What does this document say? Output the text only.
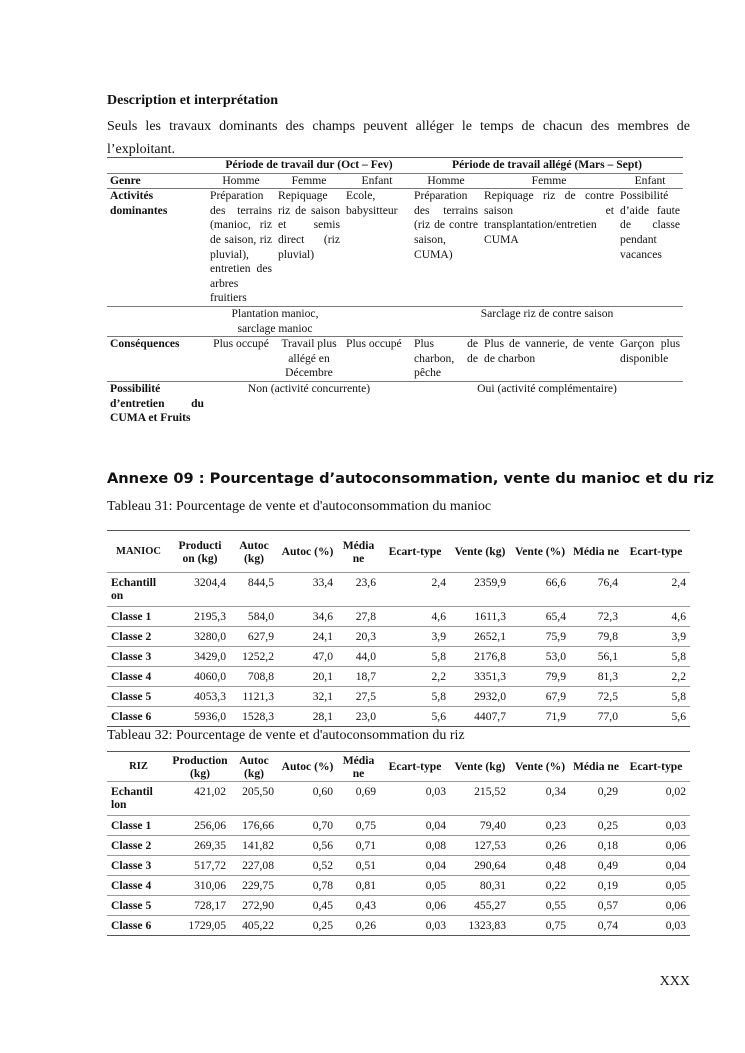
Description et interprétation
Seuls les travaux dominants des champs peuvent alléger le temps de chacun des membres de l’exploitant.
	Période de travail dur (Oct – Fev)			Période de travail allégé (Mars – Sept)		
Genre	Homme	Femme	Enfant	Homme	Femme	Enfant
Activités dominantes	Préparation des terrains (manioc, riz de saison, riz pluvial), entretien des arbres fruitiers	Repiquage riz de saison et semis direct (riz pluvial)	Ecole, babysitteur	Préparation des terrains (riz de contre saison, CUMA)	Repiquage riz de contre saison et transplantation/entretien CUMA	Possibilité d’aide faute de classe pendant vacances
	Plantation manioc, sarclage manioc			Sarclage riz de contre saison		
Conséquences	Plus occupé	Travail plus allégé en Décembre	Plus occupé	Plus de charbon, de pêche	Plus de vannerie, de vente de charbon	Garçon plus disponible
Possibilité d’entretien du CUMA et Fruits	Non (activité concurrente)			Oui (activité complémentaire)		
Annexe 09 : Pourcentage d’autoconsommation, vente du manioc et du riz
Tableau 31: Pourcentage de vente et d'autoconsommation du manioc
MANIOC	Producti on (kg)	Autoc (kg)	Autoc (%)	Média ne	Ecart-type	Vente (kg)	Vente (%)	Média ne	Ecart-type
Echantill on	3204,4	844,5	33,4	23,6	2,4	2359,9	66,6	76,4	2,4
Classe 1	2195,3	584,0	34,6	27,8	4,6	1611,3	65,4	72,3	4,6
Classe 2	3280,0	627,9	24,1	20,3	3,9	2652,1	75,9	79,8	3,9
Classe 3	3429,0	1252,2	47,0	44,0	5,8	2176,8	53,0	56,1	5,8
Classe 4	4060,0	708,8	20,1	18,7	2,2	3351,3	79,9	81,3	2,2
Classe 5	4053,3	1121,3	32,1	27,5	5,8	2932,0	67,9	72,5	5,8
Classe 6	5936,0	1528,3	28,1	23,0	5,6	4407,7	71,9	77,0	5,6
Tableau 32: Pourcentage de vente et d'autoconsommation du riz
RIZ	Production (kg)	Autoc (kg)	Autoc (%)	Média ne	Ecart-type	Vente (kg)	Vente (%)	Média ne	Ecart-type
Echantil lon	421,02	205,50	0,60	0,69	0,03	215,52	0,34	0,29	0,02
Classe 1	256,06	176,66	0,70	0,75	0,04	79,40	0,23	0,25	0,03
Classe 2	269,35	141,82	0,56	0,71	0,08	127,53	0,26	0,18	0,06
Classe 3	517,72	227,08	0,52	0,51	0,04	290,64	0,48	0,49	0,04
Classe 4	310,06	229,75	0,78	0,81	0,05	80,31	0,22	0,19	0,05
Classe 5	728,17	272,90	0,45	0,43	0,06	455,27	0,55	0,57	0,06
Classe 6	1729,05	405,22	0,25	0,26	0,03	1323,83	0,75	0,74	0,03
XXX
